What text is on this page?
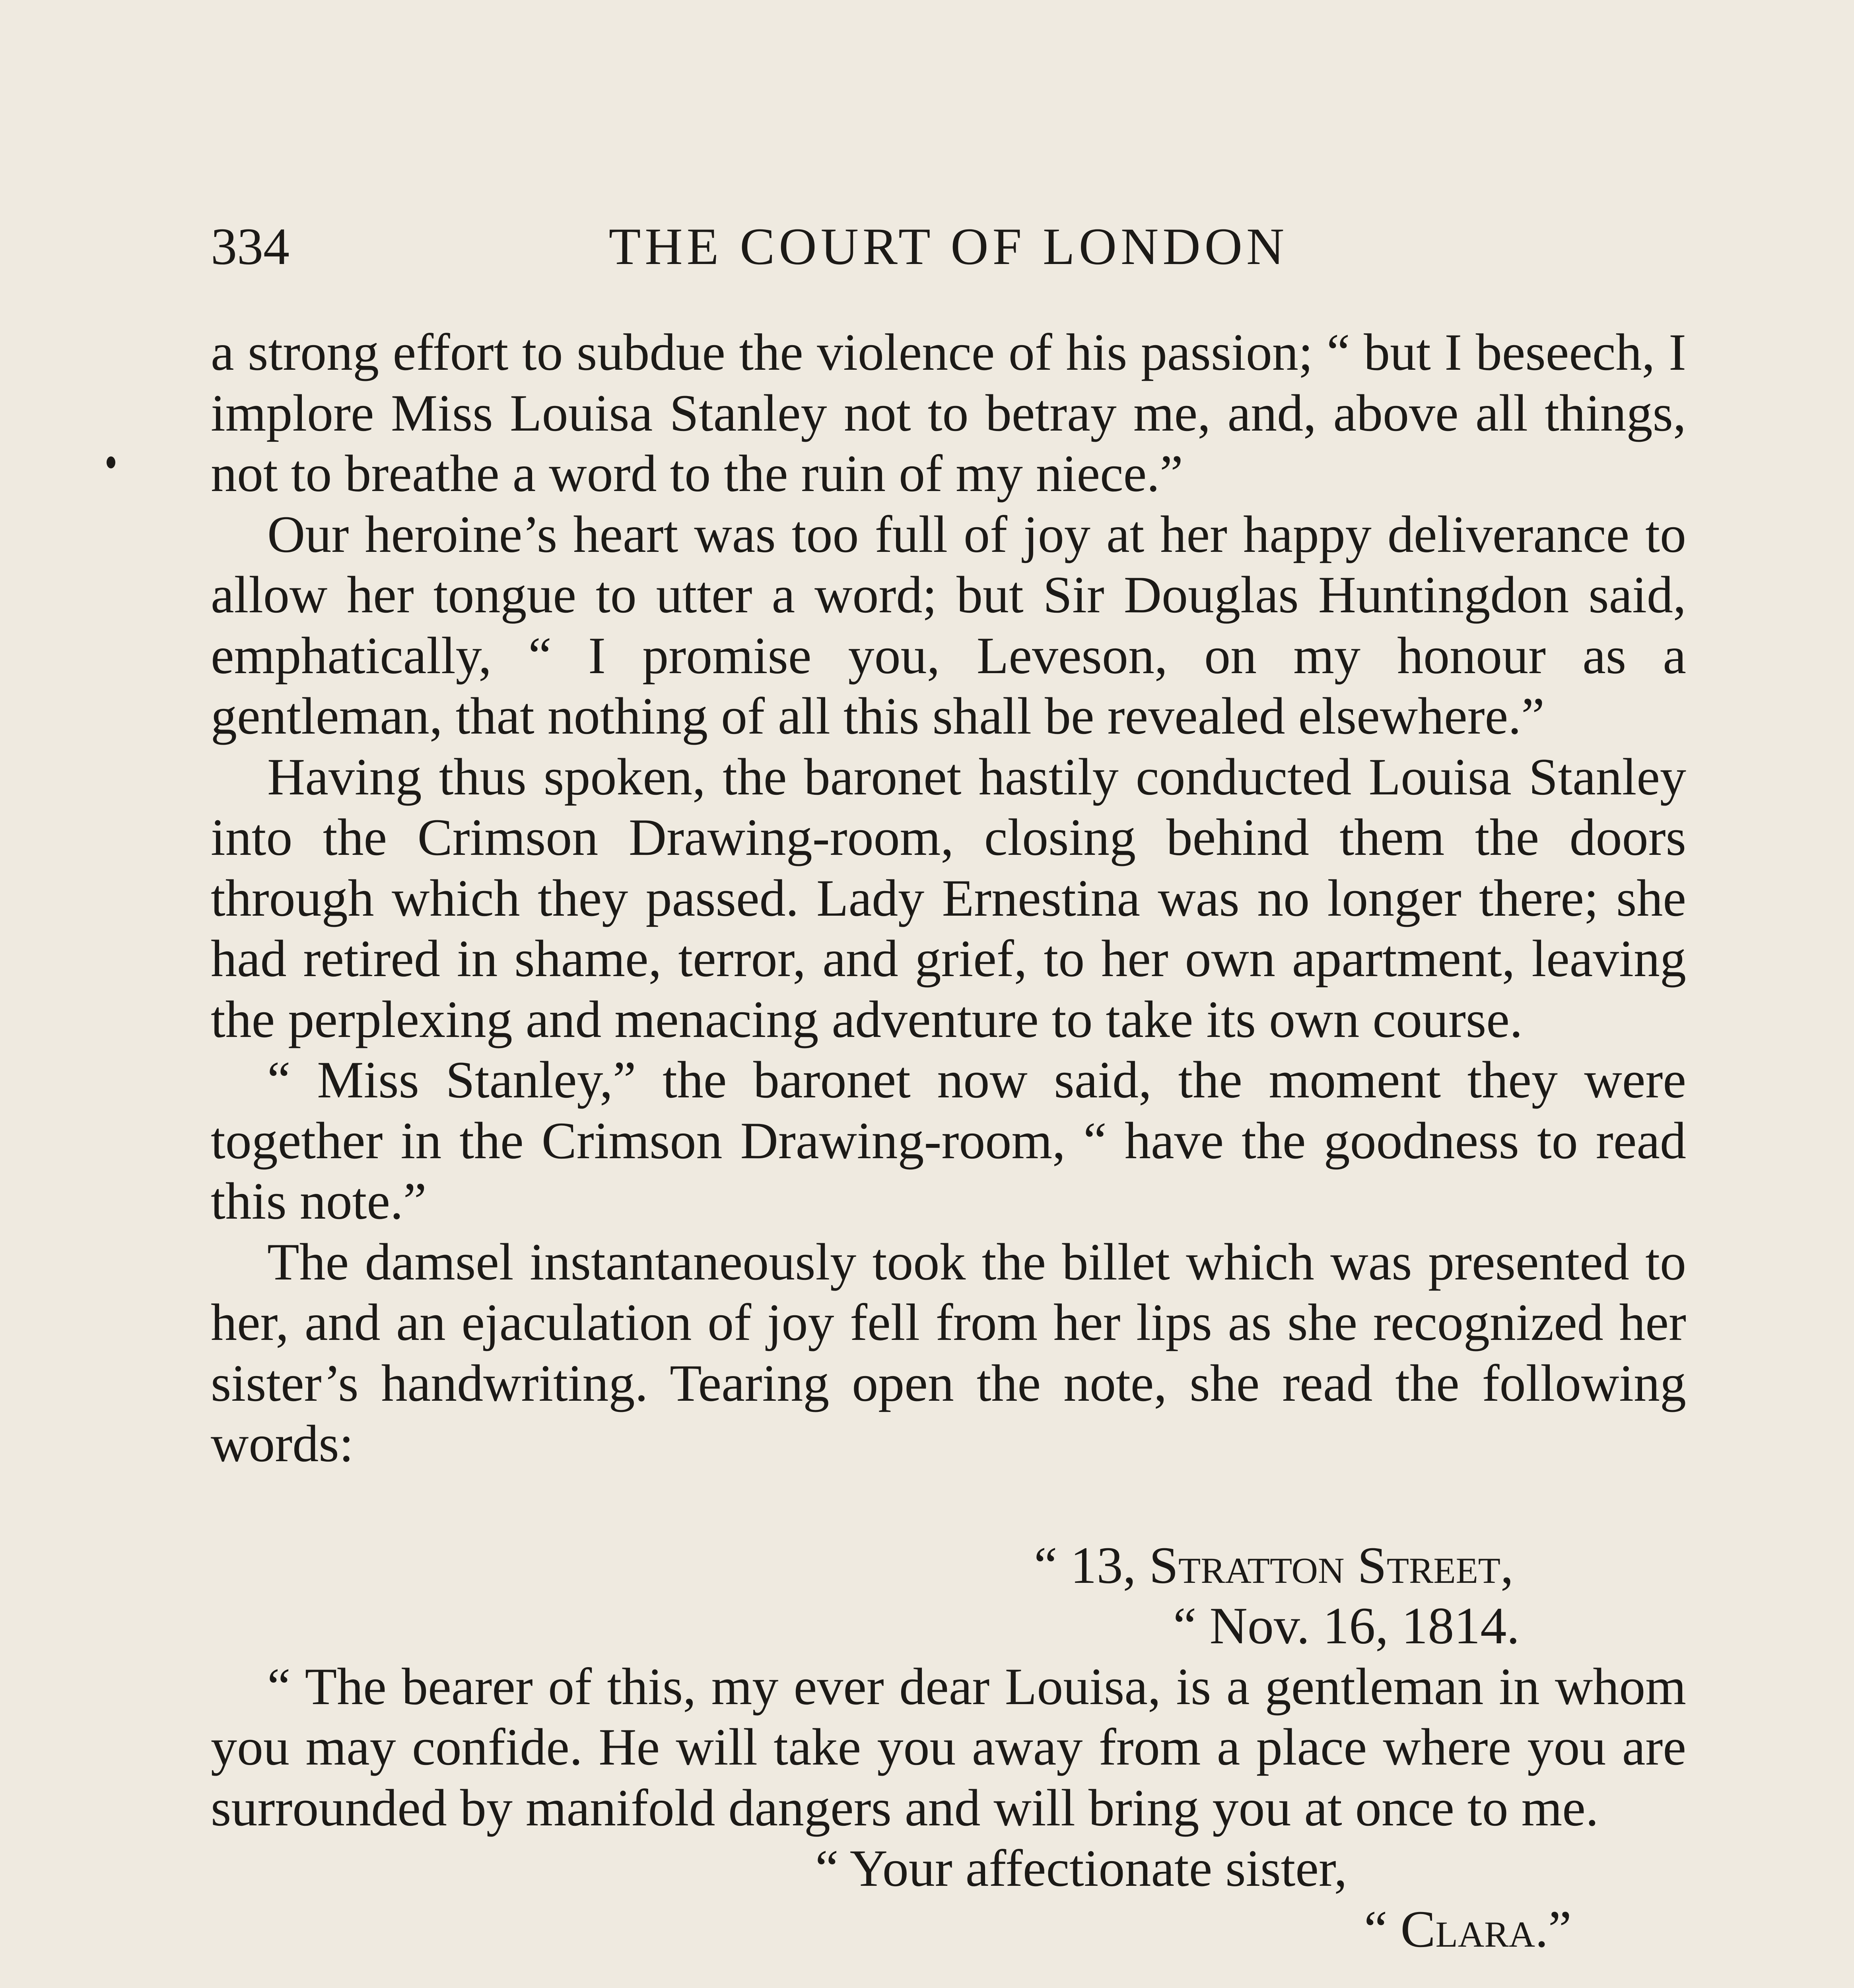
334	THE COURT OF LONDON

a strong effort to subdue the violence of his passion; “ but I beseech, I implore Miss Louisa Stanley not to betray me, and, above all things, not to breathe a word to the ruin of my niece.”

Our heroine’s heart was too full of joy at her happy deliverance to allow her tongue to utter a word; but Sir Douglas Huntingdon said, emphatically, “ I promise you, Leveson, on my honour as a gentleman, that nothing of all this shall be revealed elsewhere.”

Having thus spoken, the baronet hastily conducted Louisa Stanley into the Crimson Drawing-room, closing behind them the doors through which they passed. Lady Ernestina was no longer there; she had retired in shame, terror, and grief, to her own apartment, leaving the perplexing and menacing adventure to take its own course.

“ Miss Stanley,” the baronet now said, the moment they were together in the Crimson Drawing-room, “ have the goodness to read this note.”

The damsel instantaneously took the billet which was presented to her, and an ejaculation of joy fell from her lips as she recognized her sister’s handwriting. Tearing open the note, she read the following words:

“ 13, Stratton Street,
“ Nov. 16, 1814.

“ The bearer of this, my ever dear Louisa, is a gentleman in whom you may confide. He will take you away from a place where you are surrounded by manifold dangers and will bring you at once to me.

“ Your affectionate sister,
“ Clara.”
